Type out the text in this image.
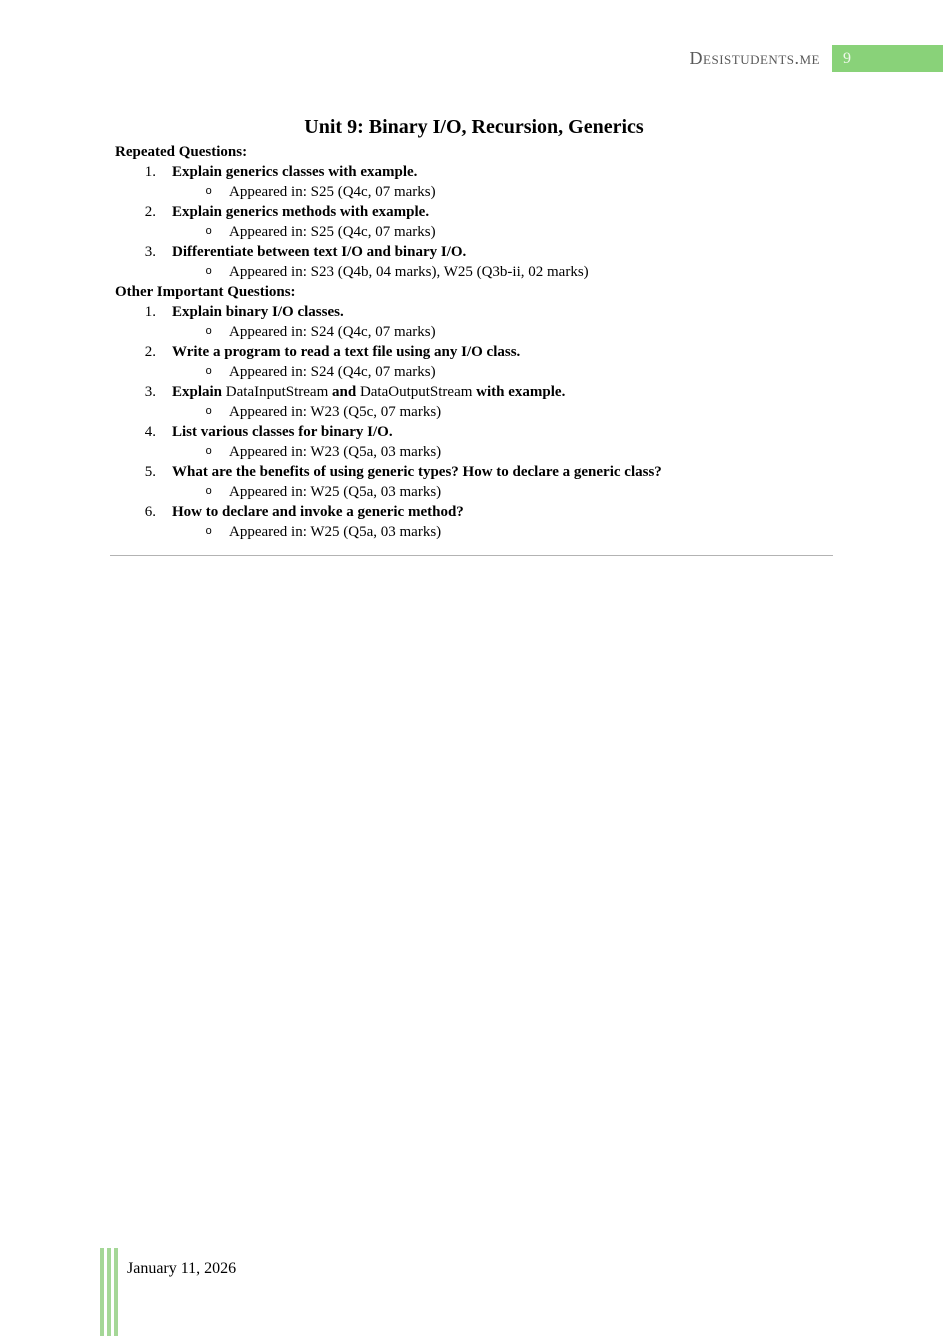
Desistudents.me 9
Unit 9: Binary I/O, Recursion, Generics
Repeated Questions:
1. Explain generics classes with example.
o Appeared in: S25 (Q4c, 07 marks)
2. Explain generics methods with example.
o Appeared in: S25 (Q4c, 07 marks)
3. Differentiate between text I/O and binary I/O.
o Appeared in: S23 (Q4b, 04 marks), W25 (Q3b-ii, 02 marks)
Other Important Questions:
1. Explain binary I/O classes.
o Appeared in: S24 (Q4c, 07 marks)
2. Write a program to read a text file using any I/O class.
o Appeared in: S24 (Q4c, 07 marks)
3. Explain DataInputStream and DataOutputStream with example.
o Appeared in: W23 (Q5c, 07 marks)
4. List various classes for binary I/O.
o Appeared in: W23 (Q5a, 03 marks)
5. What are the benefits of using generic types? How to declare a generic class?
o Appeared in: W25 (Q5a, 03 marks)
6. How to declare and invoke a generic method?
o Appeared in: W25 (Q5a, 03 marks)
January 11, 2026
